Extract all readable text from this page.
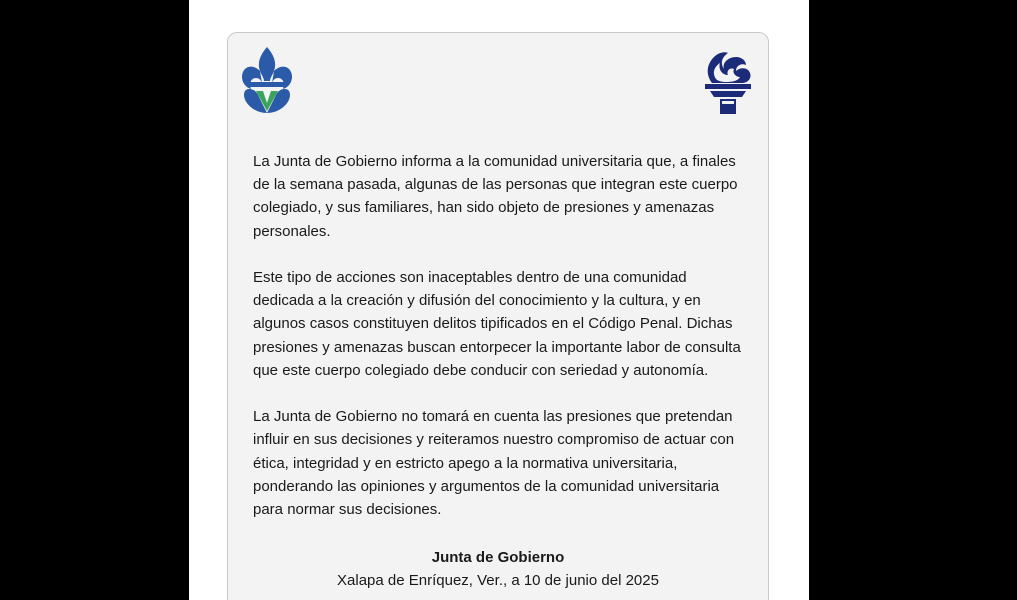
La Junta de Gobierno informa a la comunidad universitaria que, a finales de la semana pasada, algunas de las personas que integran este cuerpo colegiado, y sus familiares, han sido objeto de presiones y amenazas personales.

Este tipo de acciones son inaceptables dentro de una comunidad dedicada a la creación y difusión del conocimiento y la cultura, y en algunos casos constituyen delitos tipificados en el Código Penal. Dichas presiones y amenazas buscan entorpecer la importante labor de consulta que este cuerpo colegiado debe conducir con seriedad y autonomía.

La Junta de Gobierno no tomará en cuenta las presiones que pretendan influir en sus decisiones y reiteramos nuestro compromiso de actuar con ética, integridad y en estricto apego a la normativa universitaria, ponderando las opiniones y argumentos de la comunidad universitaria para normar sus decisiones.

Junta de Gobierno
Xalapa de Enríquez, Ver., a 10 de junio del 2025
